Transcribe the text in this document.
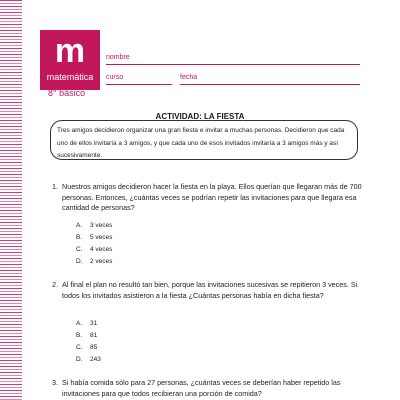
m
matemática
8° básico
nombre
curso	fecha
ACTIVIDAD: LA FIESTA
Tres amigos decidieron organizar una gran fiesta e invitar a muchas personas. Decidieron que cada uno de ellos invitaría a 3 amigos, y que cada uno de esos invitados invitaría a 3 amigos más y así sucesivamente.
1. Nuestros amigos decidieron hacer la fiesta en la playa. Ellos querían que llegaran más de 700 personas. Entonces, ¿cuántas veces se podrían repetir las invitaciones para que llegara esa cantidad de personas?
A. 3 veces
B. 5 veces
C. 4 veces
D. 2 veces
2. Al final el plan no resultó tan bien, porque las invitaciones sucesivas se repitieron 3 veces. Si todos los invitados asistieron a la fiesta ¿Cuántas personas había en dicha fiesta?
A. 31
B. 81
C. 85
D. 243
3. Si había comida sólo para 27 personas, ¿cuántas veces se deberían haber repetido las invitaciones para que todos recibieran una porción de comida?
